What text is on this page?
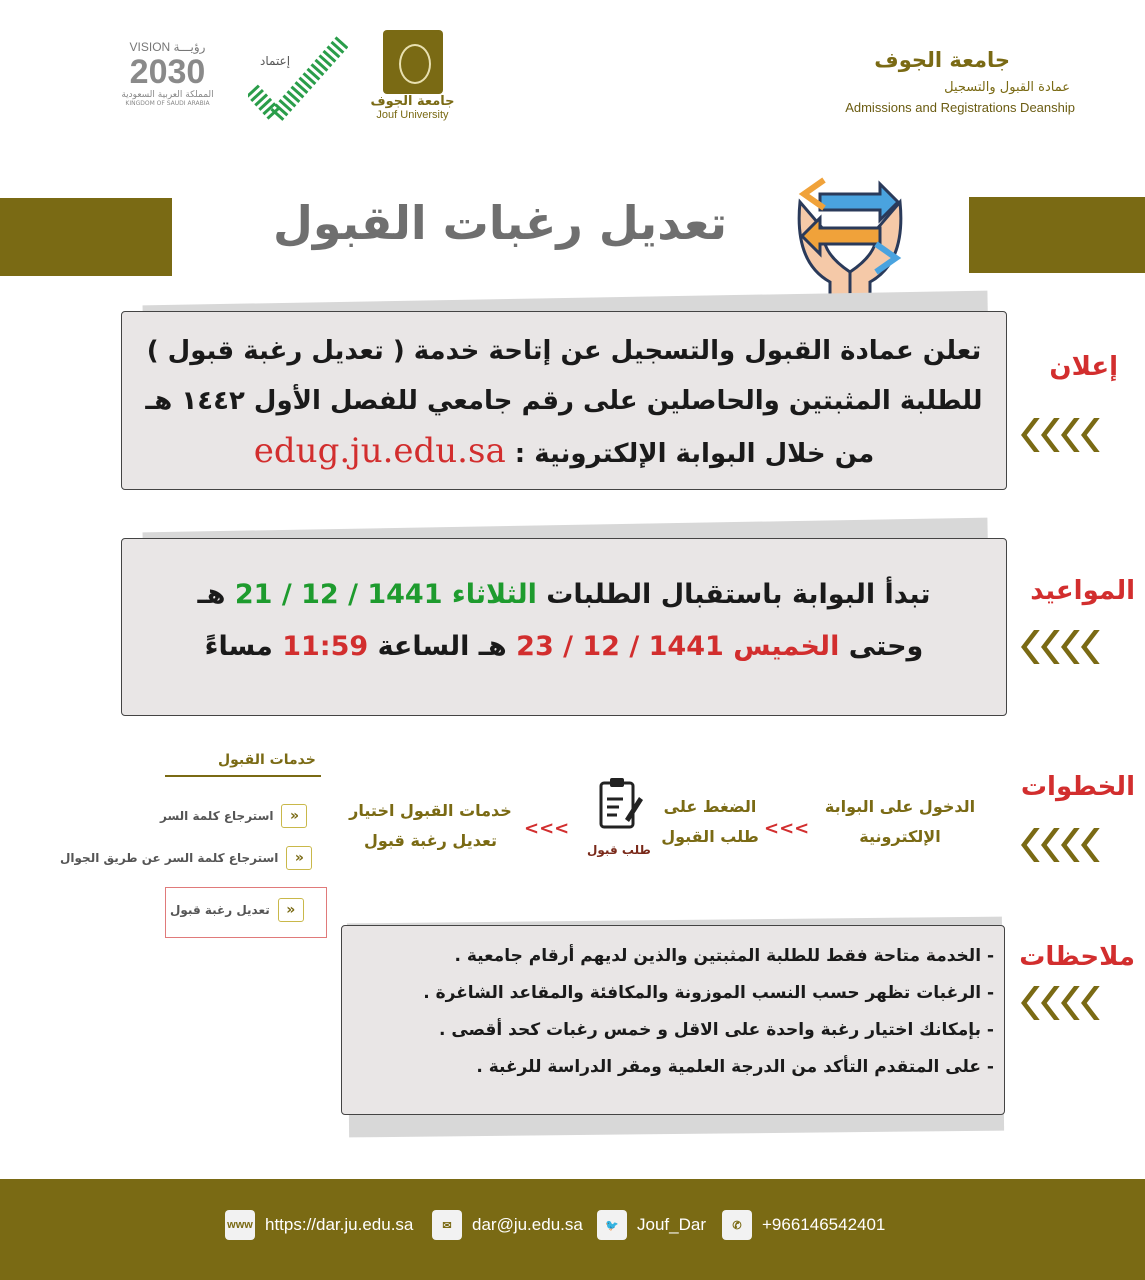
VISION رؤيـــة
2030
المملكة العربية السعودية
KINGDOM OF SAUDI ARABIA
إعتماد
جامعة الجوف
Jouf University
جامعة الجوف
عمادة القبول والتسجيل
Admissions and Registrations Deanship
تعديل رغبات القبول
إعلان

تعلن عمادة القبول والتسجيل عن إتاحة خدمة ( تعديل رغبة قبول )

للطلبة المثبتين والحاصلين على رقم جامعي للفصل الأول ١٤٤٢ هـ

من خلال البوابة الإلكترونية : edug.ju.edu.sa

المواعيد

تبدأ البوابة باستقبال الطلبات الثلاثاء 21 / 12 / 1441 هـ

وحتى الخميس 23 / 12 / 1441 هـ الساعة 11:59 مساءً

الخطوات
الدخول على البوابة الإلكترونية
<<<
الضغط على طلب القبول
طلب قبول
<<<
خدمات القبول اختيار تعديل رغبة قبول
خدمات القبول
«
استرجاع كلمة السر
«
استرجاع كلمة السر عن طريق الجوال
«
تعديل رغبة قبول
ملاحظات

- الخدمة متاحة فقط للطلبة المثبتين والذين لديهم أرقام جامعية .

- الرغبات تظهر حسب النسب الموزونة والمكافئة والمقاعد الشاغرة .

- بإمكانك اختيار رغبة واحدة على الاقل و خمس رغبات كحد أقصى .

- على المتقدم التأكد من الدرجة العلمية ومقر الدراسة للرغبة .

www https://dar.ju.edu.sa	✉	dar@ju.edu.sa	🐦	Jouf_Dar	✆	+966146542401
